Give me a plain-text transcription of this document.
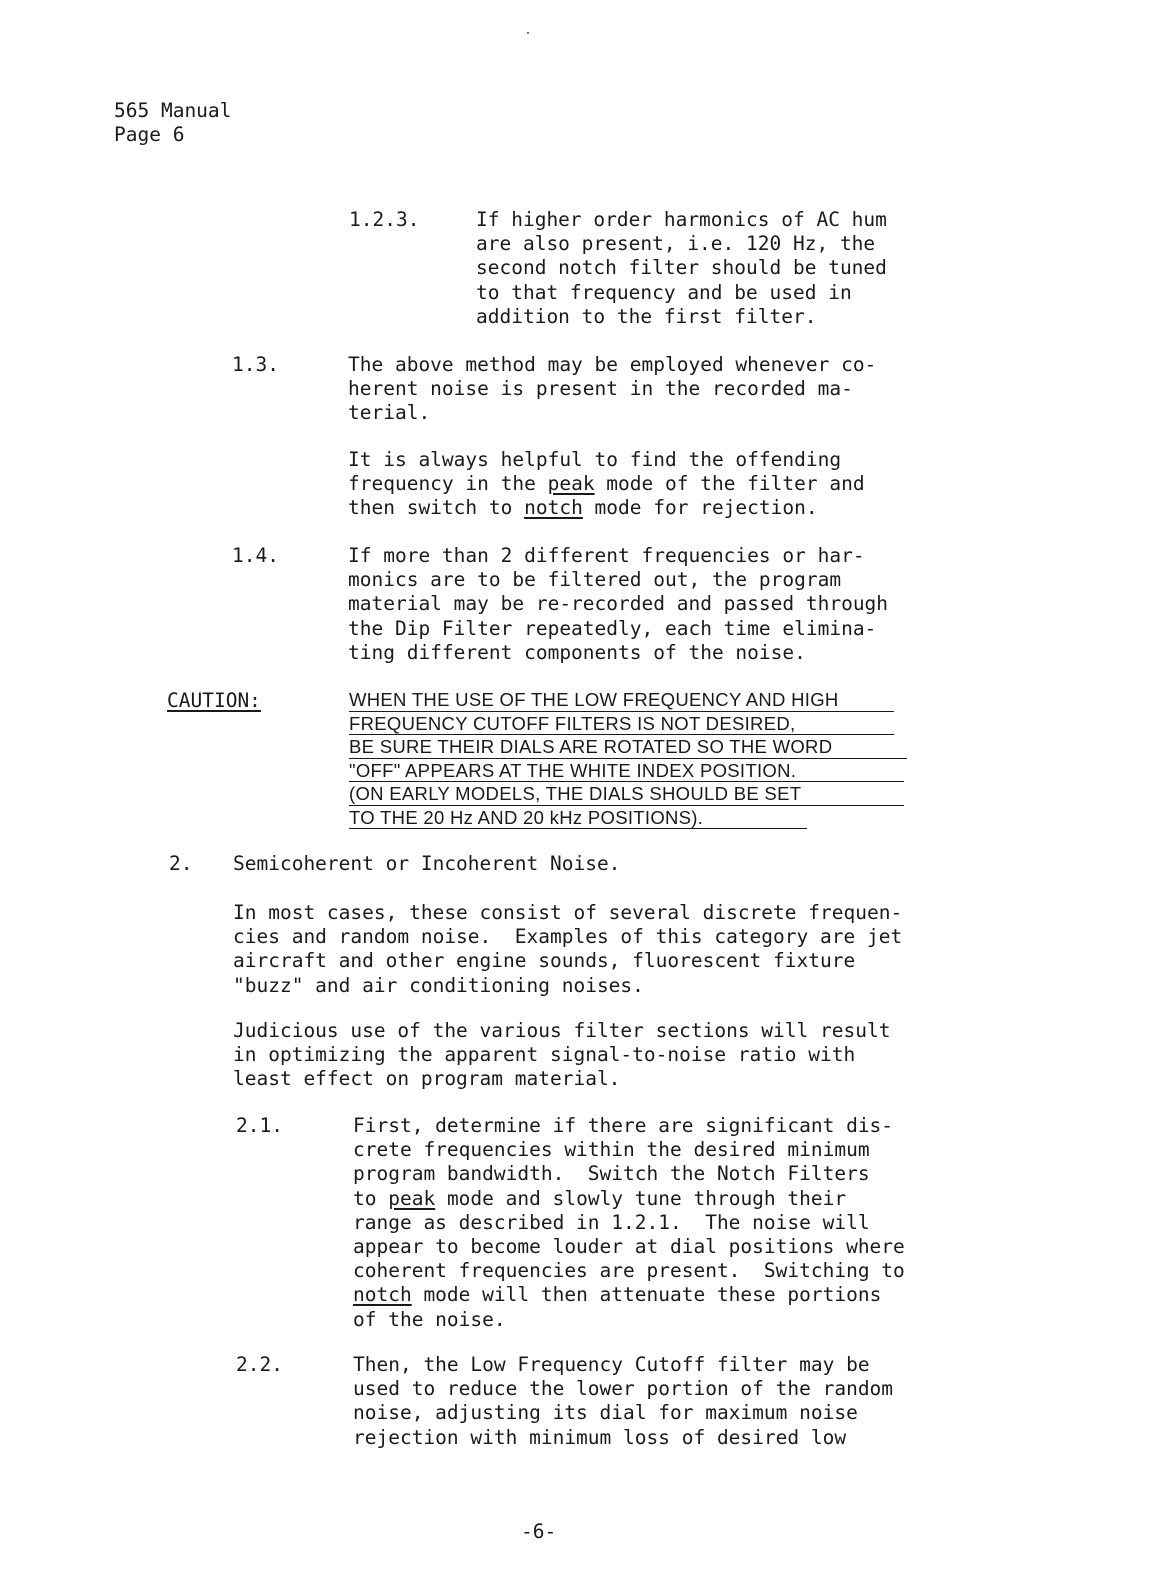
565 Manual
Page 6
1.2.3.	If higher order harmonics of AC hum
are also present, i.e. 120 Hz, the
second notch filter should be tuned
to that frequency and be used in
addition to the first filter.
1.3.	The above method may be employed whenever co-
herent noise is present in the recorded ma-
terial.
It is always helpful to find the offending
frequency in the peak mode of the filter and
then switch to notch mode for rejection.
1.4.	If more than 2 different frequencies or har-
monics are to be filtered out, the program
material may be re-recorded and passed through
the Dip Filter repeatedly, each time elimina-
ting different components of the noise.
CAUTION:	WHEN THE USE OF THE LOW FREQUENCY AND HIGH
FREQUENCY CUTOFF FILTERS IS NOT DESIRED,
BE SURE THEIR DIALS ARE ROTATED SO THE WORD
"OFF" APPEARS AT THE WHITE INDEX POSITION.
(ON EARLY MODELS, THE DIALS SHOULD BE SET
TO THE 20 Hz AND 20 kHz POSITIONS).
2. Semicoherent or Incoherent Noise.
In most cases, these consist of several discrete frequen-
cies and random noise.  Examples of this category are jet
aircraft and other engine sounds, fluorescent fixture
"buzz" and air conditioning noises.
Judicious use of the various filter sections will result
in optimizing the apparent signal-to-noise ratio with
least effect on program material.
2.1.	First, determine if there are significant dis-
crete frequencies within the desired minimum
program bandwidth.  Switch the Notch Filters
to peak mode and slowly tune through their
range as described in 1.2.1.  The noise will
appear to become louder at dial positions where
coherent frequencies are present.  Switching to
notch mode will then attenuate these portions
of the noise.
2.2.	Then, the Low Frequency Cutoff filter may be
used to reduce the lower portion of the random
noise, adjusting its dial for maximum noise
rejection with minimum loss of desired low
-6-
